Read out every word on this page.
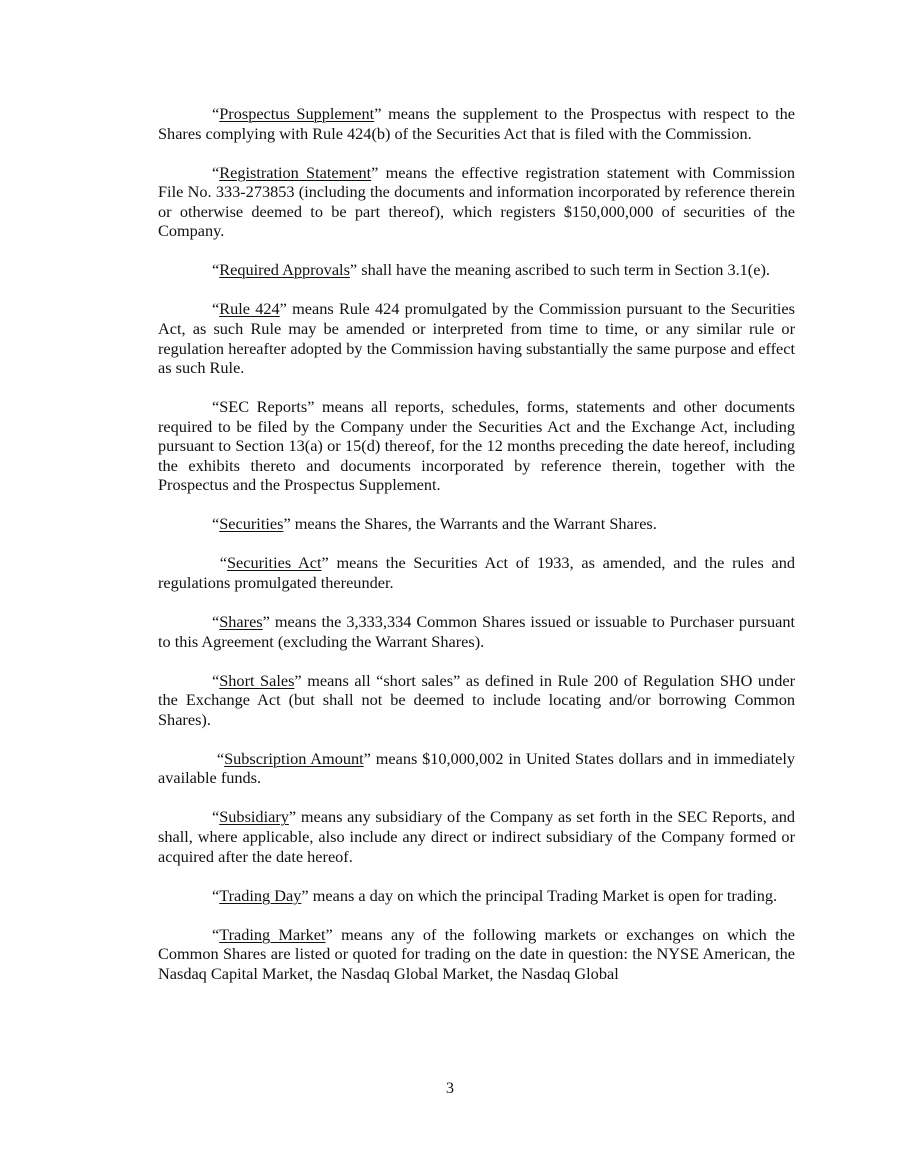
“Prospectus Supplement” means the supplement to the Prospectus with respect to the Shares complying with Rule 424(b) of the Securities Act that is filed with the Commission.

“Registration Statement” means the effective registration statement with Commission File No. 333-273853 (including the documents and information incorporated by reference therein or otherwise deemed to be part thereof), which registers $150,000,000 of securities of the Company.

“Required Approvals” shall have the meaning ascribed to such term in Section 3.1(e).

“Rule 424” means Rule 424 promulgated by the Commission pursuant to the Securities Act, as such Rule may be amended or interpreted from time to time, or any similar rule or regulation hereafter adopted by the Commission having substantially the same purpose and effect as such Rule.

“SEC Reports” means all reports, schedules, forms, statements and other documents required to be filed by the Company under the Securities Act and the Exchange Act, including pursuant to Section 13(a) or 15(d) thereof, for the 12 months preceding the date hereof, including the exhibits thereto and documents incorporated by reference therein, together with the Prospectus and the Prospectus Supplement.

“Securities” means the Shares, the Warrants and the Warrant Shares.

“Securities Act” means the Securities Act of 1933, as amended, and the rules and regulations promulgated thereunder.

“Shares” means the 3,333,334 Common Shares issued or issuable to Purchaser pursuant to this Agreement (excluding the Warrant Shares).

“Short Sales” means all “short sales” as defined in Rule 200 of Regulation SHO under the Exchange Act (but shall not be deemed to include locating and/or borrowing Common Shares).

“Subscription Amount” means $10,000,002 in United States dollars and in immediately available funds.

“Subsidiary” means any subsidiary of the Company as set forth in the SEC Reports, and shall, where applicable, also include any direct or indirect subsidiary of the Company formed or acquired after the date hereof.

“Trading Day” means a day on which the principal Trading Market is open for trading.

“Trading Market” means any of the following markets or exchanges on which the Common Shares are listed or quoted for trading on the date in question: the NYSE American, the Nasdaq Capital Market, the Nasdaq Global Market, the Nasdaq Global

3
